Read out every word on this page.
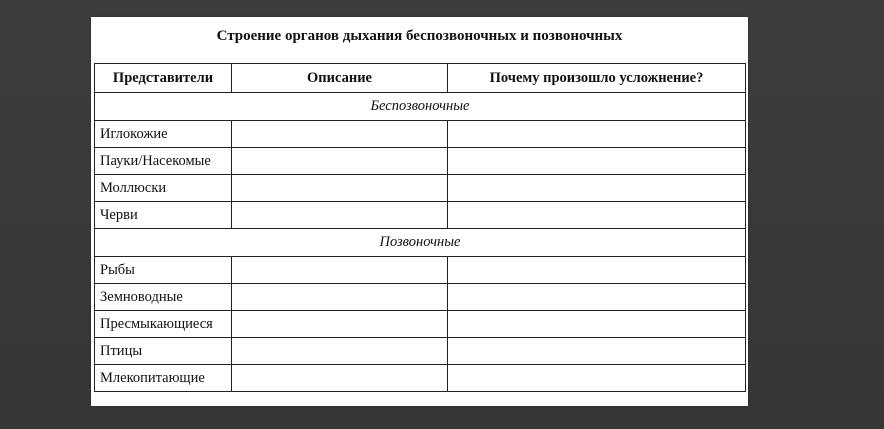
Строение органов дыхания беспозвоночных и позвоночных
Представители	Описание	Почему произошло усложнение?
Беспозвоночные		
Иглокожие		
Пауки/Насекомые		
Моллюски		
Черви		
Позвоночные		
Рыбы		
Земноводные		
Пресмыкающиеся		
Птицы		
Млекопитающие		
